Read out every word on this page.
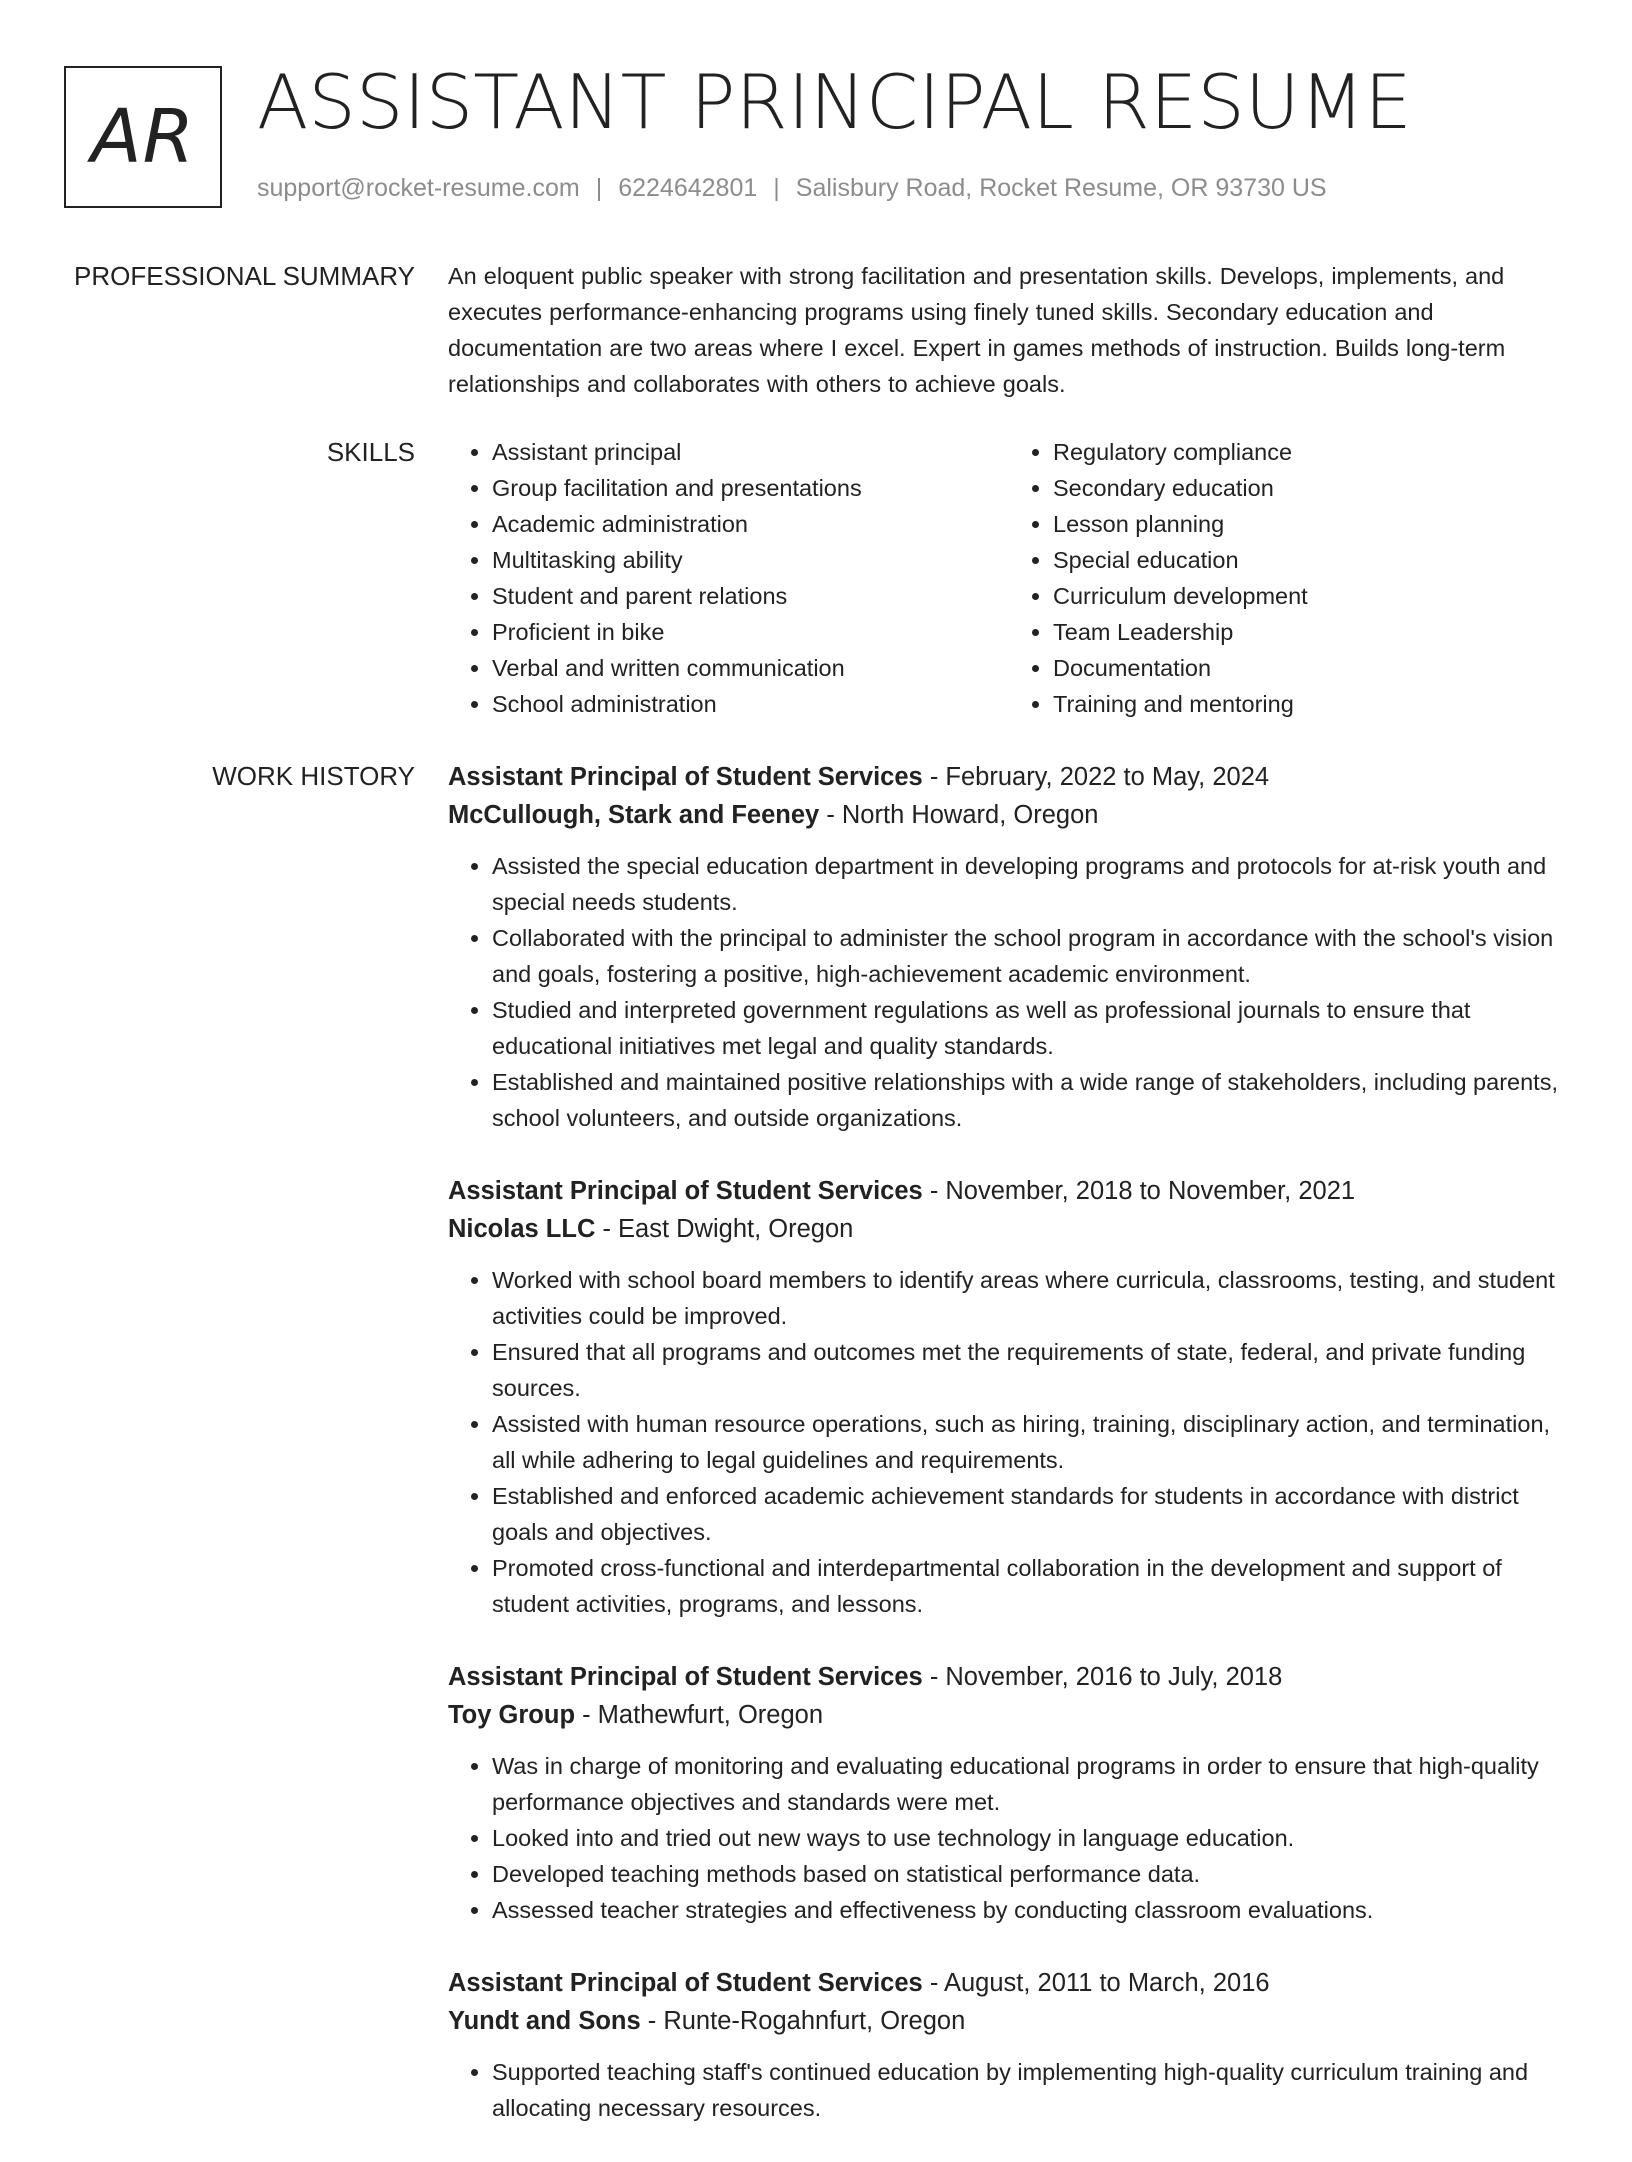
AR ASSISTANT PRINCIPAL RESUME
support@rocket-resume.com | 6224642801 | Salisbury Road, Rocket Resume, OR 93730 US
PROFESSIONAL SUMMARY An eloquent public speaker with strong facilitation and presentation skills. Develops, implements, and executes performance-enhancing programs using finely tuned skills. Secondary education and documentation are two areas where I excel. Expert in games methods of instruction. Builds long-term relationships and collaborates with others to achieve goals.

SKILLS
•	Assistant principal
• Group facilitation and presentations
• Academic administration
• Multitasking ability
• Student and parent relations
• Proficient in bike
• Verbal and written communication
• School administration
• Regulatory compliance
• Secondary education
• Lesson planning
• Special education
• Curriculum development
• Team Leadership
• Documentation
• Training and mentoring
WORK HISTORY Assistant Principal of Student Services - February, 2022 to May, 2024
McCullough, Stark and Feeney - North Howard, Oregon
• Assisted the special education department in developing programs and protocols for at-risk youth and special needs students.
• Collaborated with the principal to administer the school program in accordance with the school's vision and goals, fostering a positive, high-achievement academic environment.
• Studied and interpreted government regulations as well as professional journals to ensure that educational initiatives met legal and quality standards.
• Established and maintained positive relationships with a wide range of stakeholders, including parents, school volunteers, and outside organizations.
Assistant Principal of Student Services - November, 2018 to November, 2021
Nicolas LLC - East Dwight, Oregon
• Worked with school board members to identify areas where curricula, classrooms, testing, and student activities could be improved.
• Ensured that all programs and outcomes met the requirements of state, federal, and private funding sources.
• Assisted with human resource operations, such as hiring, training, disciplinary action, and termination, all while adhering to legal guidelines and requirements.
• Established and enforced academic achievement standards for students in accordance with district goals and objectives.
• Promoted cross-functional and interdepartmental collaboration in the development and support of student activities, programs, and lessons.
Assistant Principal of Student Services - November, 2016 to July, 2018
Toy Group - Mathewfurt, Oregon
• Was in charge of monitoring and evaluating educational programs in order to ensure that high-quality performance objectives and standards were met.
• Looked into and tried out new ways to use technology in language education.
• Developed teaching methods based on statistical performance data.
• Assessed teacher strategies and effectiveness by conducting classroom evaluations.
Assistant Principal of Student Services - August, 2011 to March, 2016
Yundt and Sons - Runte-Rogahnfurt, Oregon
• Supported teaching staff's continued education by implementing high-quality curriculum training and allocating necessary resources.
